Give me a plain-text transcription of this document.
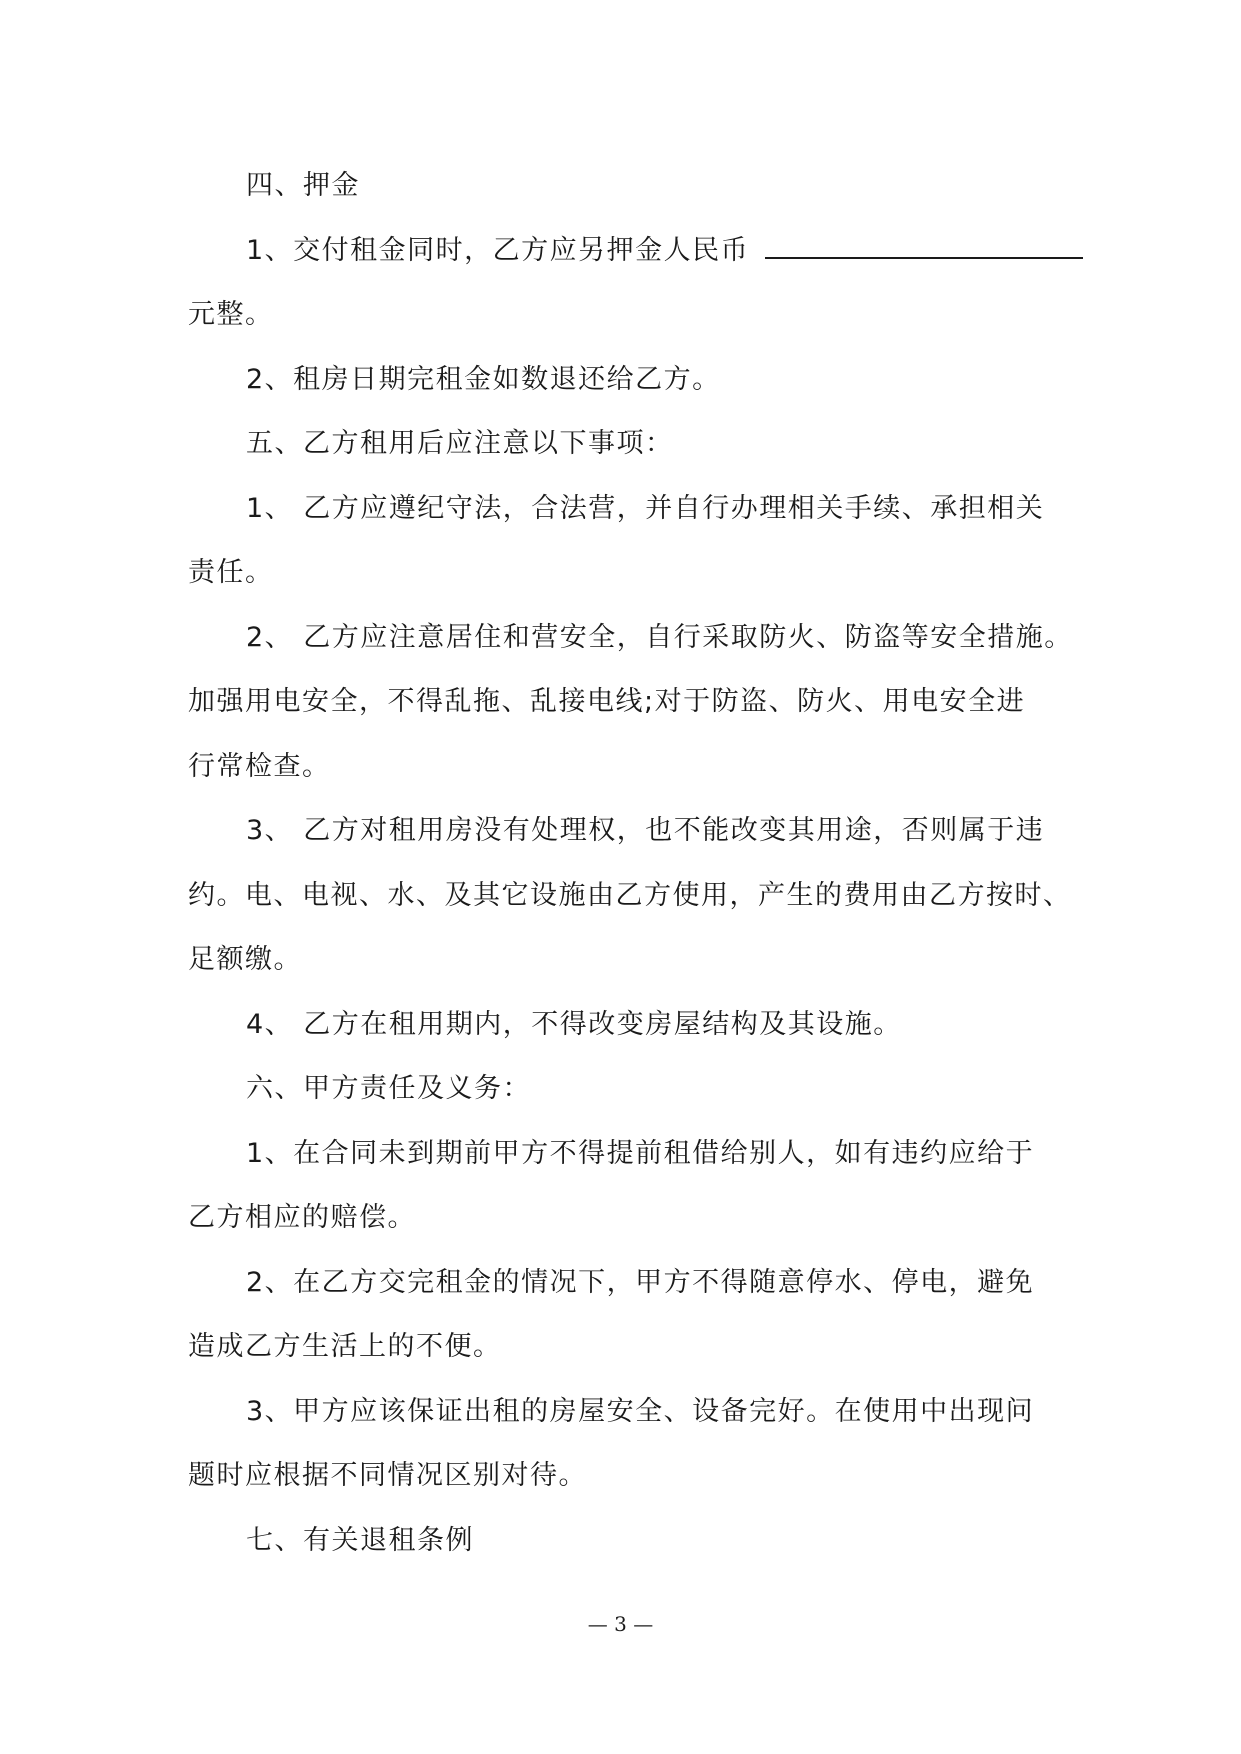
四、押金
1、交付租金同时，乙方应另押金人民币
元整。
2、租房日期完租金如数退还给乙方。
五、乙方租用后应注意以下事项：
1、 乙方应遵纪守法，合法营，并自行办理相关手续、承担相关
责任。
2、 乙方应注意居住和营安全，自行采取防火、防盗等安全措施。
加强用电安全，不得乱拖、乱接电线;对于防盗、防火、用电安全进
行常检查。
3、 乙方对租用房没有处理权，也不能改变其用途，否则属于违
约。电、电视、水、及其它设施由乙方使用，产生的费用由乙方按时、
足额缴。
4、 乙方在租用期内，不得改变房屋结构及其设施。
六、甲方责任及义务：
1、在合同未到期前甲方不得提前租借给别人，如有违约应给于
乙方相应的赔偿。
2、在乙方交完租金的情况下，甲方不得随意停水、停电，避免
造成乙方生活上的不便。
3、甲方应该保证出租的房屋安全、设备完好。在使用中出现问
题时应根据不同情况区别对待。
七、有关退租条例
— 3 —
